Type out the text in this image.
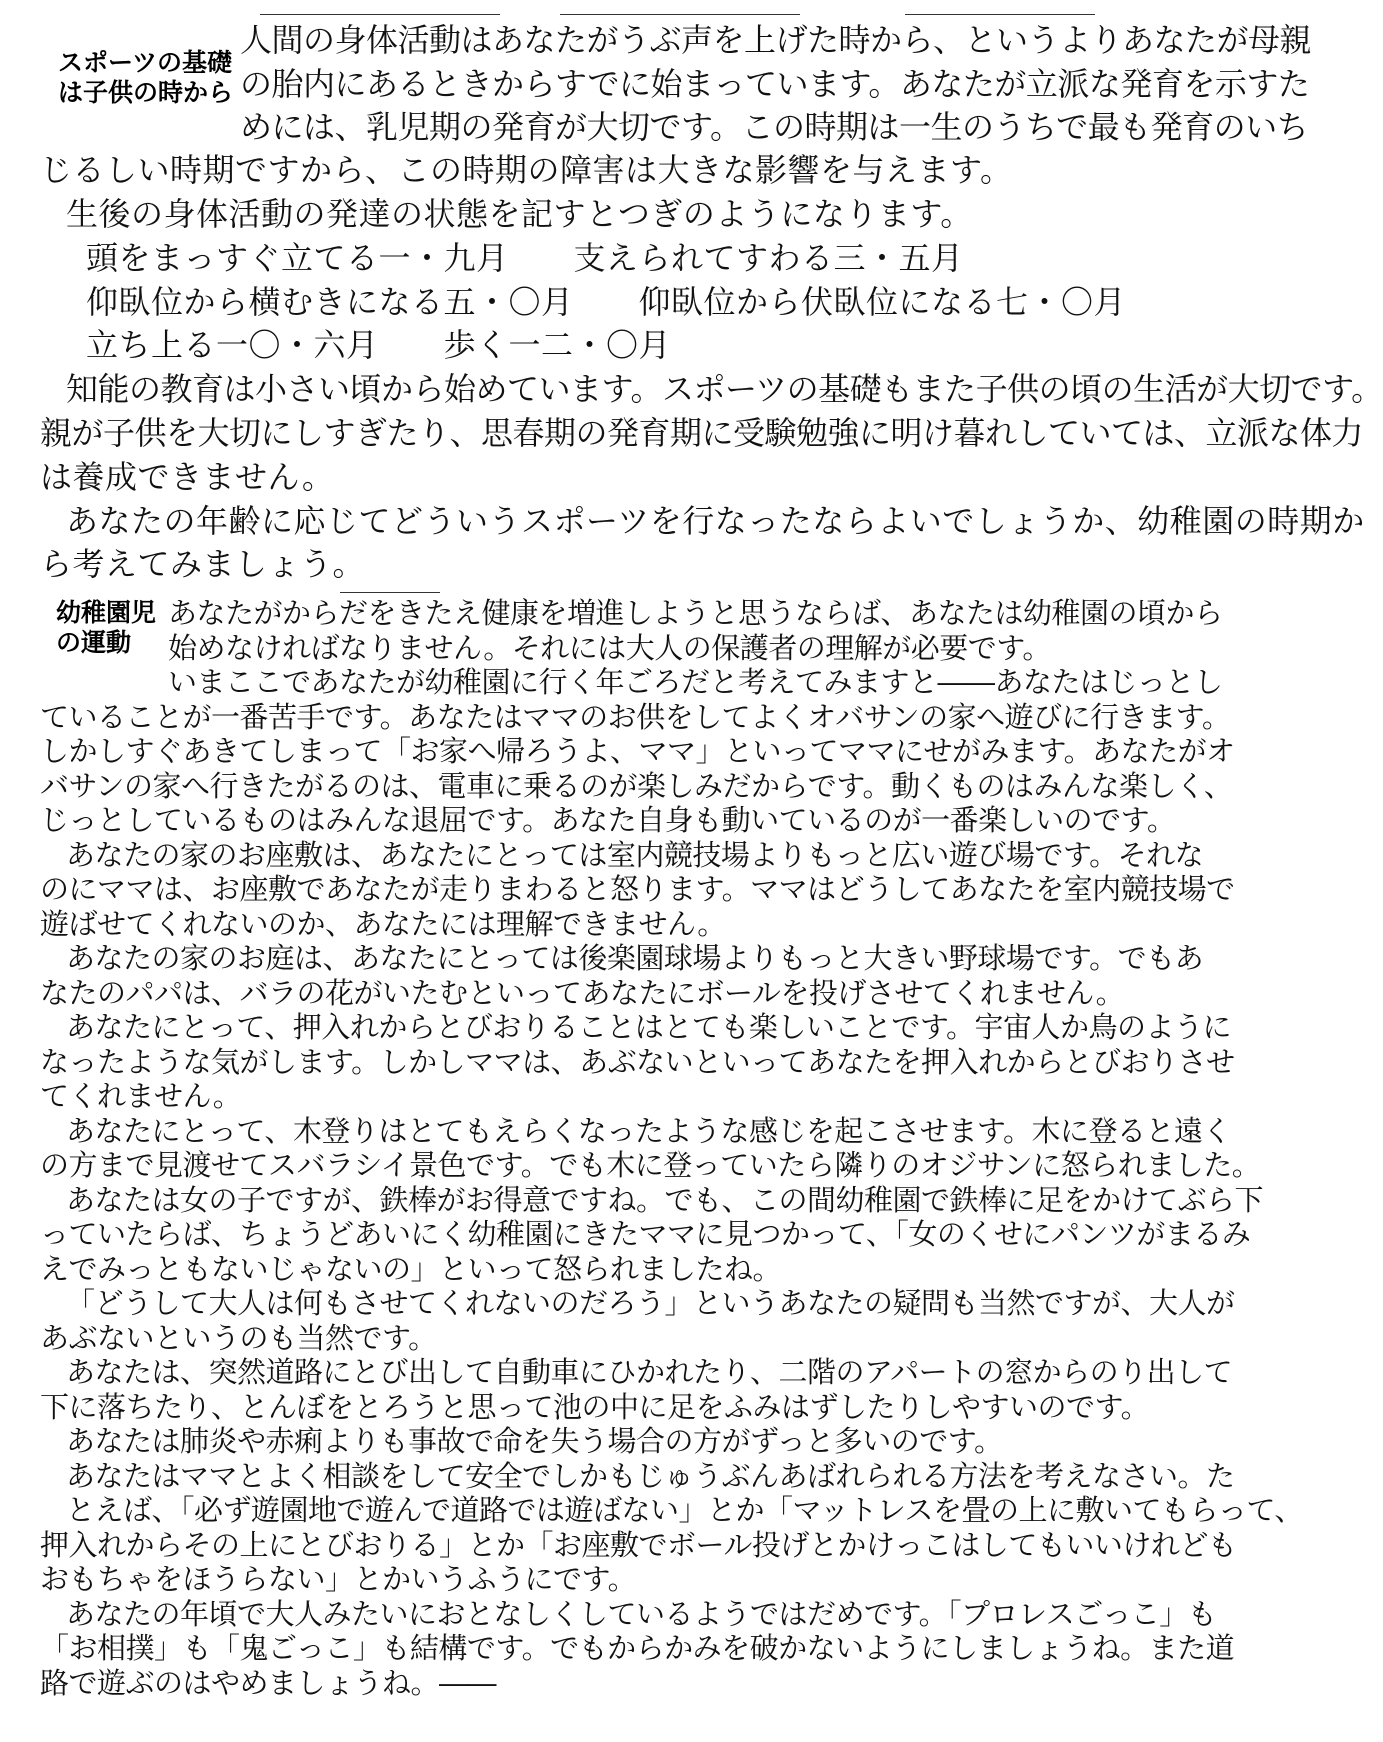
スポーツの基礎
は子供の時から
人間の身体活動はあなたがうぶ声を上げた時から、というよりあなたが母親
の胎内にあるときからすでに始まっています。あなたが立派な発育を示すた
めには、乳児期の発育が大切です。この時期は一生のうちで最も発育のいち
じるしい時期ですから、この時期の障害は大きな影響を与えます。
生後の身体活動の発達の状態を記すとつぎのようになります。
頭をまっすぐ立てる一・九月　　支えられてすわる三・五月
仰臥位から横むきになる五・〇月　　仰臥位から伏臥位になる七・〇月
立ち上る一〇・六月　　歩く一二・〇月
知能の教育は小さい頃から始めています。スポーツの基礎もまた子供の頃の生活が大切です。
親が子供を大切にしすぎたり、思春期の発育期に受験勉強に明け暮れしていては、立派な体力
は養成できません。
あなたの年齢に応じてどういうスポーツを行なったならよいでしょうか、幼稚園の時期か
ら考えてみましょう。
幼稚園児
の運動
あなたがからだをきたえ健康を増進しようと思うならば、あなたは幼稚園の頃から
始めなければなりません。それには大人の保護者の理解が必要です。
いまここであなたが幼稚園に行く年ごろだと考えてみますと――あなたはじっとし
ていることが一番苦手です。あなたはママのお供をしてよくオバサンの家へ遊びに行きます。
しかしすぐあきてしまって「お家へ帰ろうよ、ママ」といってママにせがみます。あなたがオ
バサンの家へ行きたがるのは、電車に乗るのが楽しみだからです。動くものはみんな楽しく、
じっとしているものはみんな退屈です。あなた自身も動いているのが一番楽しいのです。
あなたの家のお座敷は、あなたにとっては室内競技場よりもっと広い遊び場です。それな
のにママは、お座敷であなたが走りまわると怒ります。ママはどうしてあなたを室内競技場で
遊ばせてくれないのか、あなたには理解できません。
あなたの家のお庭は、あなたにとっては後楽園球場よりもっと大きい野球場です。でもあ
なたのパパは、バラの花がいたむといってあなたにボールを投げさせてくれません。
あなたにとって、押入れからとびおりることはとても楽しいことです。宇宙人か鳥のように
なったような気がします。しかしママは、あぶないといってあなたを押入れからとびおりさせ
てくれません。
あなたにとって、木登りはとてもえらくなったような感じを起こさせます。木に登ると遠く
の方まで見渡せてスバラシイ景色です。でも木に登っていたら隣りのオジサンに怒られました。
あなたは女の子ですが、鉄棒がお得意ですね。でも、この間幼稚園で鉄棒に足をかけてぶら下
っていたらば、ちょうどあいにく幼稚園にきたママに見つかって、「女のくせにパンツがまるみ
えでみっともないじゃないの」といって怒られましたね。
「どうして大人は何もさせてくれないのだろう」というあなたの疑問も当然ですが、大人が
あぶないというのも当然です。
あなたは、突然道路にとび出して自動車にひかれたり、二階のアパートの窓からのり出して
下に落ちたり、とんぼをとろうと思って池の中に足をふみはずしたりしやすいのです。
あなたは肺炎や赤痢よりも事故で命を失う場合の方がずっと多いのです。
あなたはママとよく相談をして安全でしかもじゅうぶんあばれられる方法を考えなさい。た
とえば、「必ず遊園地で遊んで道路では遊ばない」とか「マットレスを畳の上に敷いてもらって、
押入れからその上にとびおりる」とか「お座敷でボール投げとかけっこはしてもいいけれども
おもちゃをほうらない」とかいうふうにです。
あなたの年頃で大人みたいにおとなしくしているようではだめです。「プロレスごっこ」も
「お相撲」も「鬼ごっこ」も結構です。でもからかみを破かないようにしましょうね。また道
路で遊ぶのはやめましょうね。――
